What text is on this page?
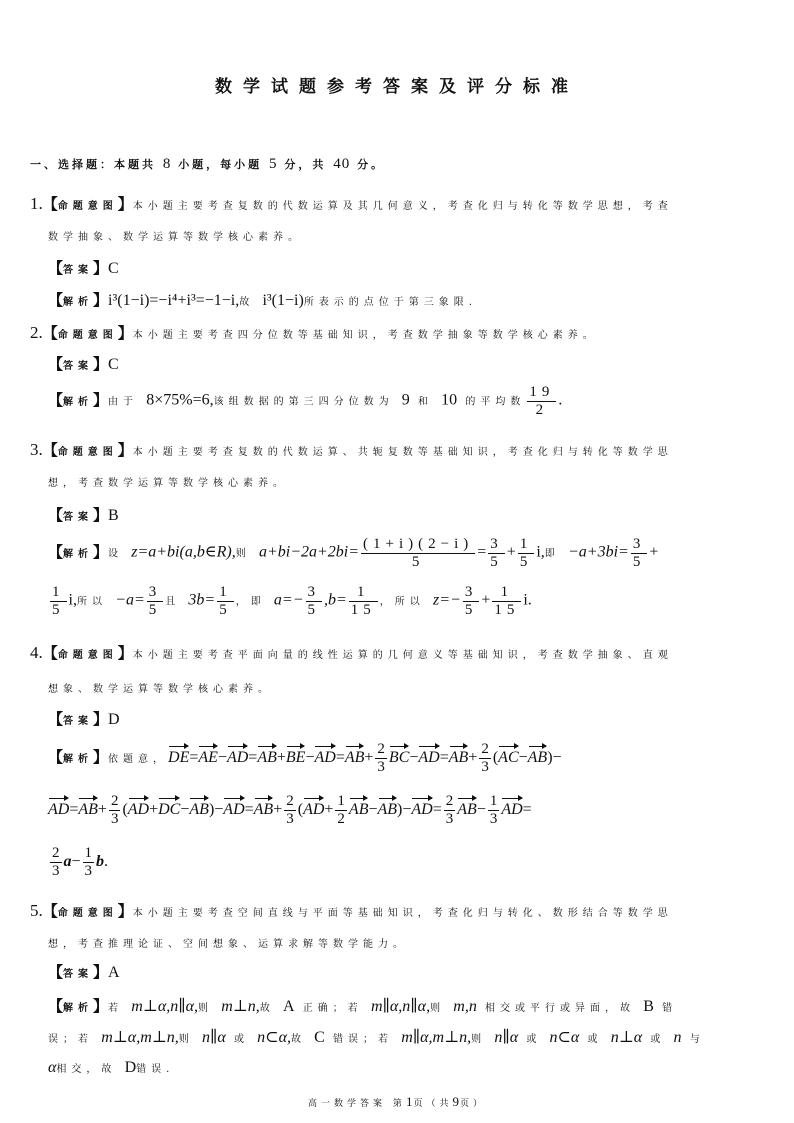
数学试题参考答案及评分标准
一、选择题：本题共 8 小题，每小题 5 分，共 40 分。
1.【命题意图】本小题主要考查复数的代数运算及其几何意义，考查化归与转化等数学思想，考查
数学抽象、数学运算等数学核心素养。
【答案】C
【解析】i³(1−i)=−i⁴+i³=−1−i,故 i³(1−i)所表示的点位于第三象限.
2.【命题意图】本小题主要考查四分位数等基础知识，考查数学抽象等数学核心素养。
【答案】C
【解析】由于 8×75%=6,该组数据的第三四分位数为 9 和 10 的平均数 $\frac{19}{2}$ .
3.【命题意图】本小题主要考查复数的代数运算、共轭复数等基础知识，考查化归与转化等数学思
想，考查数学运算等数学核心素养。
【答案】B
【解析】设 z=a+bi(a,b∈R),则 $a+bi-2a+2bi= \frac{(1+i)(2-i)}{5} = \frac{3}{5} + \frac{1}{5} i$,即 $-a+3bi= \frac{3}{5}$ +
$\frac{1}{5} i$,所以 $-a= \frac{3}{5}$ 且 $3b= \frac{1}{5}$ ，即 $a=- \frac{3}{5} ,b= \frac{1}{15}$ ，所以 $z=- \frac{3}{5} + \frac{1}{15} i$.
4.【命题意图】本小题主要考查平面向量的线性运算的几何意义等基础知识，考查数学抽象、直观
想象、数学运算等数学核心素养。
【答案】D
【解析】依题意，$DE=AE-AD=AB+BE-AD=AB+ \frac{2}{3} BC-AD=AB+ \frac{2}{3} (AC-AB)-$
$AD=AB+ \frac{2}{3} (AD+DC-AB)-AD=AB+ \frac{2}{3} (AD+ \frac{1}{2} AB-AB)-AD= \frac{2}{3} AB- \frac{1}{3} AD=$
$\frac{2}{3} a- \frac{1}{3} b$.
5.【命题意图】本小题主要考查空间直线与平面等基础知识，考查化归与转化、数形结合等数学思
想，考查推理论证、空间想象、运算求解等数学能力。
【答案】A
【解析】若 m⊥α,n∥α,则 m⊥n,故 A 正确；若 m∥α,n∥α,则 m,n 相交或平行或异面，故 B 错
误；若 m⊥α,m⊥n,则 n∥α 或 n⊂α,故 C 错误；若 m∥α,m⊥n,则 n∥α 或 n⊂α 或 n⊥α 或 n 与
α相交，故 D错误.
高一数学答案 第1页（共9页）
